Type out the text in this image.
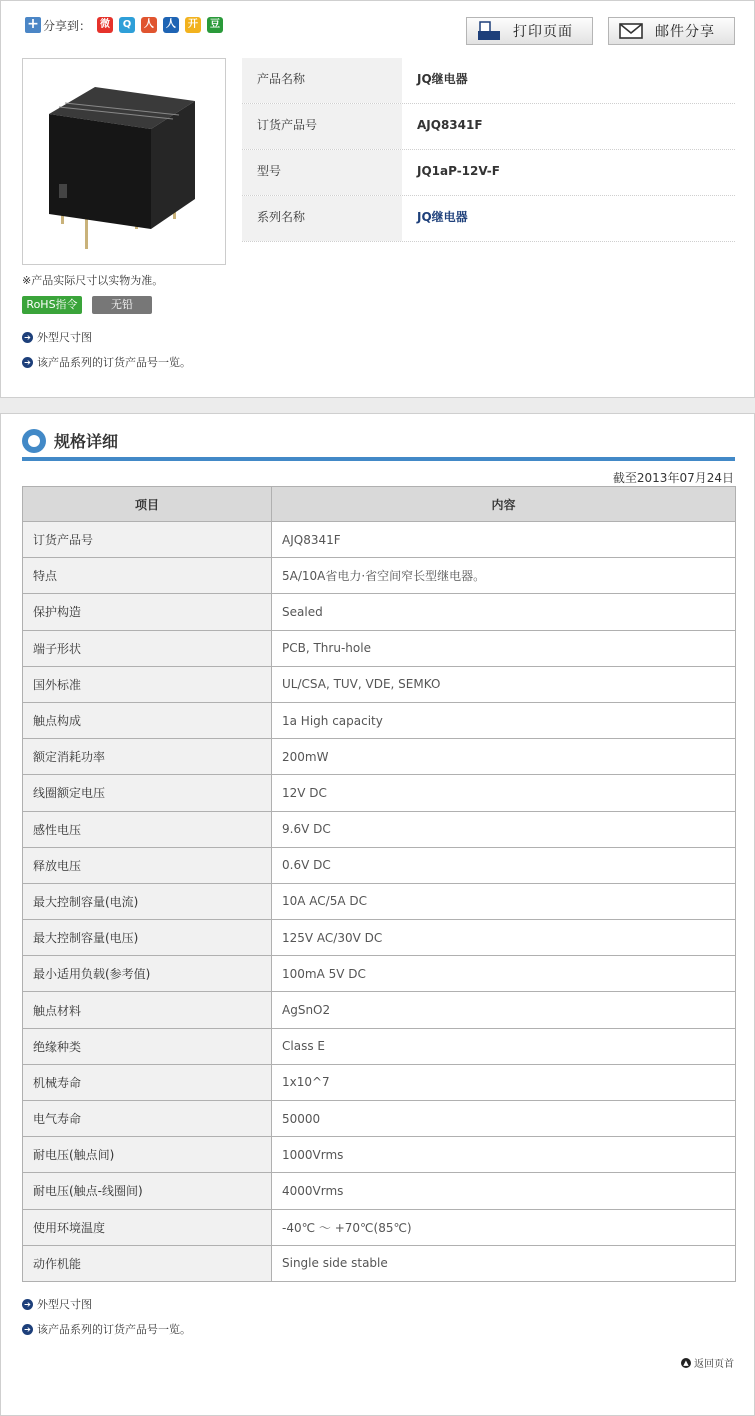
+ 分享到： 微	Q	人	人	开	豆	打印页面	邮件分享
※产品实际尺寸以实物为准。
RoHS指令	无铅
➔ 外型尺寸图
➔ 该产品系列的订货产品号一览。
产品名称	JQ继电器
订货产品号	AJQ8341F
型号	JQ1aP-12V-F
系列名称	JQ继电器
规格详细
截至2013年07月24日
项目	内容
订货产品号	AJQ8341F
特点	5A/10A省电力·省空间窄长型继电器。
保护构造	Sealed
端子形状	PCB, Thru-hole
国外标准	UL/CSA, TUV, VDE, SEMKO
触点构成	1a High capacity
额定消耗功率	200mW
线圈额定电压	12V DC
感性电压	9.6V DC
释放电压	0.6V DC
最大控制容量(电流)	10A AC/5A DC
最大控制容量(电压)	125V AC/30V DC
最小适用负载(参考值)	100mA 5V DC
触点材料	AgSnO2
绝缘种类	Class E
机械寿命	1x10^7
电气寿命	50000
耐电压(触点间)	1000Vrms
耐电压(触点-线圈间)	4000Vrms
使用环境温度	-40℃ ～ +70℃(85℃)
动作机能	Single side stable
➔ 外型尺寸图
➔ 该产品系列的订货产品号一览。
▲ 返回页首
